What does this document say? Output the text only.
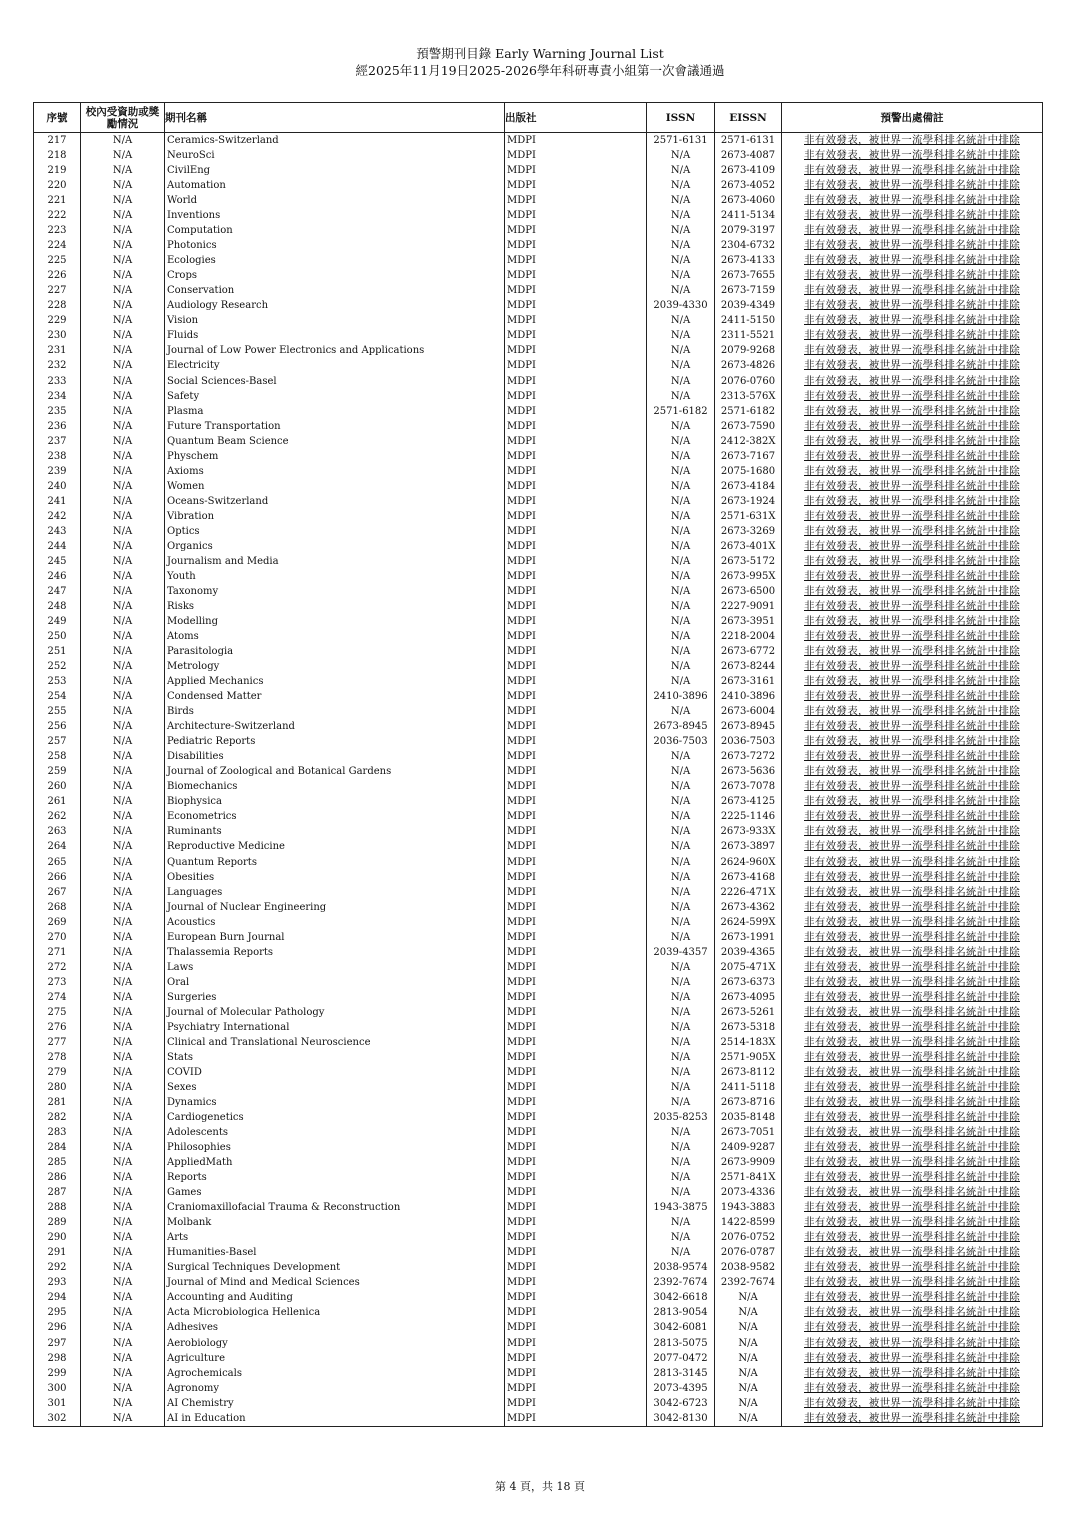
預警期刊目錄 Early Warning Journal List
經2025年11月19日2025-2026學年科研專責小組第一次會議通過
序號	校內受資助或獎勵情況	期刊名稱	出版社	ISSN	EISSN	預警出處備註
217	N/A	Ceramics-Switzerland	MDPI	2571-6131	2571-6131	非有效發表，被世界一流學科排名統計中排除
218	N/A	NeuroSci	MDPI	N/A	2673-4087	非有效發表，被世界一流學科排名統計中排除
219	N/A	CivilEng	MDPI	N/A	2673-4109	非有效發表，被世界一流學科排名統計中排除
220	N/A	Automation	MDPI	N/A	2673-4052	非有效發表，被世界一流學科排名統計中排除
221	N/A	World	MDPI	N/A	2673-4060	非有效發表，被世界一流學科排名統計中排除
222	N/A	Inventions	MDPI	N/A	2411-5134	非有效發表，被世界一流學科排名統計中排除
223	N/A	Computation	MDPI	N/A	2079-3197	非有效發表，被世界一流學科排名統計中排除
224	N/A	Photonics	MDPI	N/A	2304-6732	非有效發表，被世界一流學科排名統計中排除
225	N/A	Ecologies	MDPI	N/A	2673-4133	非有效發表，被世界一流學科排名統計中排除
226	N/A	Crops	MDPI	N/A	2673-7655	非有效發表，被世界一流學科排名統計中排除
227	N/A	Conservation	MDPI	N/A	2673-7159	非有效發表，被世界一流學科排名統計中排除
228	N/A	Audiology Research	MDPI	2039-4330	2039-4349	非有效發表，被世界一流學科排名統計中排除
229	N/A	Vision	MDPI	N/A	2411-5150	非有效發表，被世界一流學科排名統計中排除
230	N/A	Fluids	MDPI	N/A	2311-5521	非有效發表，被世界一流學科排名統計中排除
231	N/A	Journal of Low Power Electronics and Applications	MDPI	N/A	2079-9268	非有效發表，被世界一流學科排名統計中排除
232	N/A	Electricity	MDPI	N/A	2673-4826	非有效發表，被世界一流學科排名統計中排除
233	N/A	Social Sciences-Basel	MDPI	N/A	2076-0760	非有效發表，被世界一流學科排名統計中排除
234	N/A	Safety	MDPI	N/A	2313-576X	非有效發表，被世界一流學科排名統計中排除
235	N/A	Plasma	MDPI	2571-6182	2571-6182	非有效發表，被世界一流學科排名統計中排除
236	N/A	Future Transportation	MDPI	N/A	2673-7590	非有效發表，被世界一流學科排名統計中排除
237	N/A	Quantum Beam Science	MDPI	N/A	2412-382X	非有效發表，被世界一流學科排名統計中排除
238	N/A	Physchem	MDPI	N/A	2673-7167	非有效發表，被世界一流學科排名統計中排除
239	N/A	Axioms	MDPI	N/A	2075-1680	非有效發表，被世界一流學科排名統計中排除
240	N/A	Women	MDPI	N/A	2673-4184	非有效發表，被世界一流學科排名統計中排除
241	N/A	Oceans-Switzerland	MDPI	N/A	2673-1924	非有效發表，被世界一流學科排名統計中排除
242	N/A	Vibration	MDPI	N/A	2571-631X	非有效發表，被世界一流學科排名統計中排除
243	N/A	Optics	MDPI	N/A	2673-3269	非有效發表，被世界一流學科排名統計中排除
244	N/A	Organics	MDPI	N/A	2673-401X	非有效發表，被世界一流學科排名統計中排除
245	N/A	Journalism and Media	MDPI	N/A	2673-5172	非有效發表，被世界一流學科排名統計中排除
246	N/A	Youth	MDPI	N/A	2673-995X	非有效發表，被世界一流學科排名統計中排除
247	N/A	Taxonomy	MDPI	N/A	2673-6500	非有效發表，被世界一流學科排名統計中排除
248	N/A	Risks	MDPI	N/A	2227-9091	非有效發表，被世界一流學科排名統計中排除
249	N/A	Modelling	MDPI	N/A	2673-3951	非有效發表，被世界一流學科排名統計中排除
250	N/A	Atoms	MDPI	N/A	2218-2004	非有效發表，被世界一流學科排名統計中排除
251	N/A	Parasitologia	MDPI	N/A	2673-6772	非有效發表，被世界一流學科排名統計中排除
252	N/A	Metrology	MDPI	N/A	2673-8244	非有效發表，被世界一流學科排名統計中排除
253	N/A	Applied Mechanics	MDPI	N/A	2673-3161	非有效發表，被世界一流學科排名統計中排除
254	N/A	Condensed Matter	MDPI	2410-3896	2410-3896	非有效發表，被世界一流學科排名統計中排除
255	N/A	Birds	MDPI	N/A	2673-6004	非有效發表，被世界一流學科排名統計中排除
256	N/A	Architecture-Switzerland	MDPI	2673-8945	2673-8945	非有效發表，被世界一流學科排名統計中排除
257	N/A	Pediatric Reports	MDPI	2036-7503	2036-7503	非有效發表，被世界一流學科排名統計中排除
258	N/A	Disabilities	MDPI	N/A	2673-7272	非有效發表，被世界一流學科排名統計中排除
259	N/A	Journal of Zoological and Botanical Gardens	MDPI	N/A	2673-5636	非有效發表，被世界一流學科排名統計中排除
260	N/A	Biomechanics	MDPI	N/A	2673-7078	非有效發表，被世界一流學科排名統計中排除
261	N/A	Biophysica	MDPI	N/A	2673-4125	非有效發表，被世界一流學科排名統計中排除
262	N/A	Econometrics	MDPI	N/A	2225-1146	非有效發表，被世界一流學科排名統計中排除
263	N/A	Ruminants	MDPI	N/A	2673-933X	非有效發表，被世界一流學科排名統計中排除
264	N/A	Reproductive Medicine	MDPI	N/A	2673-3897	非有效發表，被世界一流學科排名統計中排除
265	N/A	Quantum Reports	MDPI	N/A	2624-960X	非有效發表，被世界一流學科排名統計中排除
266	N/A	Obesities	MDPI	N/A	2673-4168	非有效發表，被世界一流學科排名統計中排除
267	N/A	Languages	MDPI	N/A	2226-471X	非有效發表，被世界一流學科排名統計中排除
268	N/A	Journal of Nuclear Engineering	MDPI	N/A	2673-4362	非有效發表，被世界一流學科排名統計中排除
269	N/A	Acoustics	MDPI	N/A	2624-599X	非有效發表，被世界一流學科排名統計中排除
270	N/A	European Burn Journal	MDPI	N/A	2673-1991	非有效發表，被世界一流學科排名統計中排除
271	N/A	Thalassemia Reports	MDPI	2039-4357	2039-4365	非有效發表，被世界一流學科排名統計中排除
272	N/A	Laws	MDPI	N/A	2075-471X	非有效發表，被世界一流學科排名統計中排除
273	N/A	Oral	MDPI	N/A	2673-6373	非有效發表，被世界一流學科排名統計中排除
274	N/A	Surgeries	MDPI	N/A	2673-4095	非有效發表，被世界一流學科排名統計中排除
275	N/A	Journal of Molecular Pathology	MDPI	N/A	2673-5261	非有效發表，被世界一流學科排名統計中排除
276	N/A	Psychiatry International	MDPI	N/A	2673-5318	非有效發表，被世界一流學科排名統計中排除
277	N/A	Clinical and Translational Neuroscience	MDPI	N/A	2514-183X	非有效發表，被世界一流學科排名統計中排除
278	N/A	Stats	MDPI	N/A	2571-905X	非有效發表，被世界一流學科排名統計中排除
279	N/A	COVID	MDPI	N/A	2673-8112	非有效發表，被世界一流學科排名統計中排除
280	N/A	Sexes	MDPI	N/A	2411-5118	非有效發表，被世界一流學科排名統計中排除
281	N/A	Dynamics	MDPI	N/A	2673-8716	非有效發表，被世界一流學科排名統計中排除
282	N/A	Cardiogenetics	MDPI	2035-8253	2035-8148	非有效發表，被世界一流學科排名統計中排除
283	N/A	Adolescents	MDPI	N/A	2673-7051	非有效發表，被世界一流學科排名統計中排除
284	N/A	Philosophies	MDPI	N/A	2409-9287	非有效發表，被世界一流學科排名統計中排除
285	N/A	AppliedMath	MDPI	N/A	2673-9909	非有效發表，被世界一流學科排名統計中排除
286	N/A	Reports	MDPI	N/A	2571-841X	非有效發表，被世界一流學科排名統計中排除
287	N/A	Games	MDPI	N/A	2073-4336	非有效發表，被世界一流學科排名統計中排除
288	N/A	Craniomaxillofacial Trauma & Reconstruction	MDPI	1943-3875	1943-3883	非有效發表，被世界一流學科排名統計中排除
289	N/A	Molbank	MDPI	N/A	1422-8599	非有效發表，被世界一流學科排名統計中排除
290	N/A	Arts	MDPI	N/A	2076-0752	非有效發表，被世界一流學科排名統計中排除
291	N/A	Humanities-Basel	MDPI	N/A	2076-0787	非有效發表，被世界一流學科排名統計中排除
292	N/A	Surgical Techniques Development	MDPI	2038-9574	2038-9582	非有效發表，被世界一流學科排名統計中排除
293	N/A	Journal of Mind and Medical Sciences	MDPI	2392-7674	2392-7674	非有效發表，被世界一流學科排名統計中排除
294	N/A	Accounting and Auditing	MDPI	3042-6618	N/A	非有效發表，被世界一流學科排名統計中排除
295	N/A	Acta Microbiologica Hellenica	MDPI	2813-9054	N/A	非有效發表，被世界一流學科排名統計中排除
296	N/A	Adhesives	MDPI	3042-6081	N/A	非有效發表，被世界一流學科排名統計中排除
297	N/A	Aerobiology	MDPI	2813-5075	N/A	非有效發表，被世界一流學科排名統計中排除
298	N/A	Agriculture	MDPI	2077-0472	N/A	非有效發表，被世界一流學科排名統計中排除
299	N/A	Agrochemicals	MDPI	2813-3145	N/A	非有效發表，被世界一流學科排名統計中排除
300	N/A	Agronomy	MDPI	2073-4395	N/A	非有效發表，被世界一流學科排名統計中排除
301	N/A	AI Chemistry	MDPI	3042-6723	N/A	非有效發表，被世界一流學科排名統計中排除
302	N/A	AI in Education	MDPI	3042-8130	N/A	非有效發表，被世界一流學科排名統計中排除
第 4 頁，共 18 頁
